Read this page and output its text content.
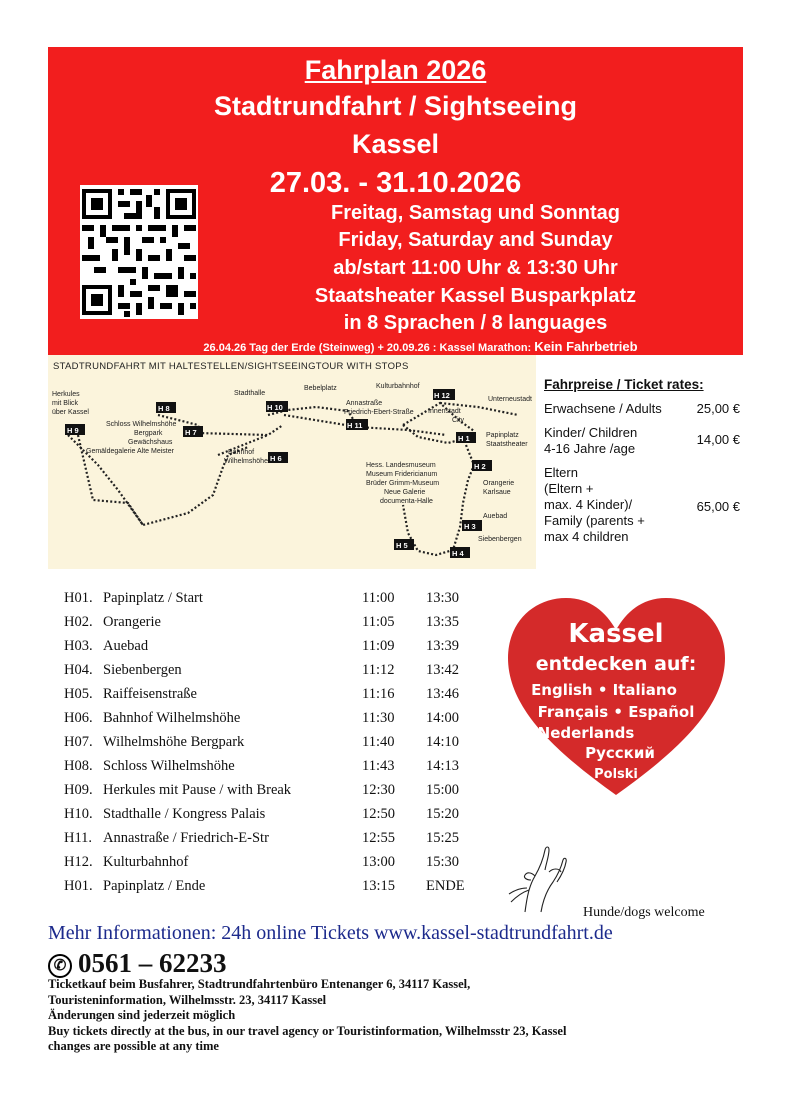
Fahrplan 2026
Stadtrundfahrt / Sightseeing
Kassel
27.03. - 31.10.2026
Freitag, Samstag und Sonntag
Friday, Saturday and Sunday
ab/start 11:00 Uhr & 13:30 Uhr
Staatsheater Kassel Busparkplatz
in 8 Sprachen / 8 languages
26.04.26 Tag der Erde (Steinweg) + 20.09.26 : Kassel Marathon: Kein Fahrbetrieb
STADTRUNDFAHRT MIT HALTESTELLEN/SIGHTSEEINGTOUR WITH STOPS
Herkules
mit Blick
über Kassel
Schloss Wilhelmshöhe
Bergpark
Gewächshaus
Gemäldegalerie Alte Meister
Stadthalle
Bahnhof
Wilhelmshöhe
Bebelplatz	Kulturbahnhof
Annastraße
Friedrich-Ebert-Straße
Unterneustadt
Innenstadt
City
Papinplatz
Staatstheater
Orangerie
Karlsaue
Hess. Landesmuseum
Museum Fridericianum
Brüder Grimm-Museum
Neue Galerie
documenta-Halle
Auebad
Siebenbergen
H 9
H 8
H 7
H 6
H 10
H 11
H 12
H 1
H 2
H 3
H 4
H 5
Fahrpreise / Ticket rates:
Erwachsene / Adults	25,00 €
Kinder/ Children
4-16 Jahre /age
14,00 €
Eltern
(Eltern +
max. 4 Kinder)/
Family (parents +
max 4 children
65,00 €
H01. Papinplatz / Start	11:00 13:30
H02. Orangerie	11:05 13:35
H03. Auebad	11:09 13:39
H04. Siebenbergen	11:12 13:42
H05. Raiffeisenstraße	11:16 13:46
H06. Bahnhof Wilhelmshöhe	11:30 14:00
H07. Wilhelmshöhe Bergpark	11:40 14:10
H08. Schloss Wilhelmshöhe	11:43 14:13
H09. Herkules mit Pause / with Break	12:30 15:00
H10. Stadthalle / Kongress Palais	12:50 15:20
H11. Annastraße / Friedrich-E-Str	12:55 15:25
H12. Kulturbahnhof	13:00 15:30
H01. Papinplatz / Ende	13:15 ENDE
Kassel
entdecken auf:
English • Italiano
Français • Español
Nederlands
Русский
Polski
Hunde/dogs welcome
Mehr Informationen: 24h online Tickets www.kassel-stadtrundfahrt.de
✆ 0561 – 62233
Ticketkauf beim Busfahrer, Stadtrundfahrtenbüro Entenanger 6, 34117 Kassel,
Touristeninformation, Wilhelmsstr. 23, 34117 Kassel
Änderungen sind jederzeit möglich
Buy tickets directly at the bus, in our travel agency or Touristinformation, Wilhelmsstr 23, Kassel
changes are possible at any time
